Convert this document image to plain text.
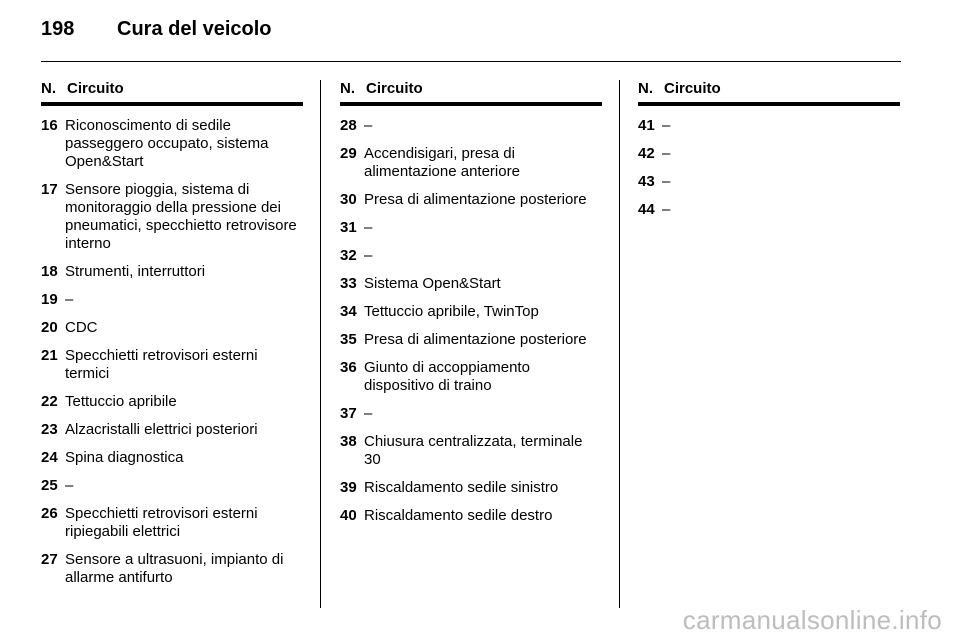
198	Cura del veicolo
N. Circuito
16 Riconoscimento di sedile passeggero occupato, sistema Open&Start
17 Sensore pioggia, sistema di monitoraggio della pressione dei pneumatici, specchietto retrovisore interno
18 Strumenti, interruttori
19 –
20 CDC
21 Specchietti retrovisori esterni termici
22 Tettuccio apribile
23 Alzacristalli elettrici posteriori
24 Spina diagnostica
25 –
26 Specchietti retrovisori esterni ripiegabili elettrici
27 Sensore a ultrasuoni, impianto di allarme antifurto
N. Circuito
28 –
29 Accendisigari, presa di alimentazione anteriore
30 Presa di alimentazione posteriore
31 –
32 –
33 Sistema Open&Start
34 Tettuccio apribile, TwinTop
35 Presa di alimentazione posteriore
36 Giunto di accoppiamento dispositivo di traino
37 –
38 Chiusura centralizzata, terminale 30
39 Riscaldamento sedile sinistro
40 Riscaldamento sedile destro
N. Circuito
41 –
42 –
43 –
44 –
carmanualsonline.info
